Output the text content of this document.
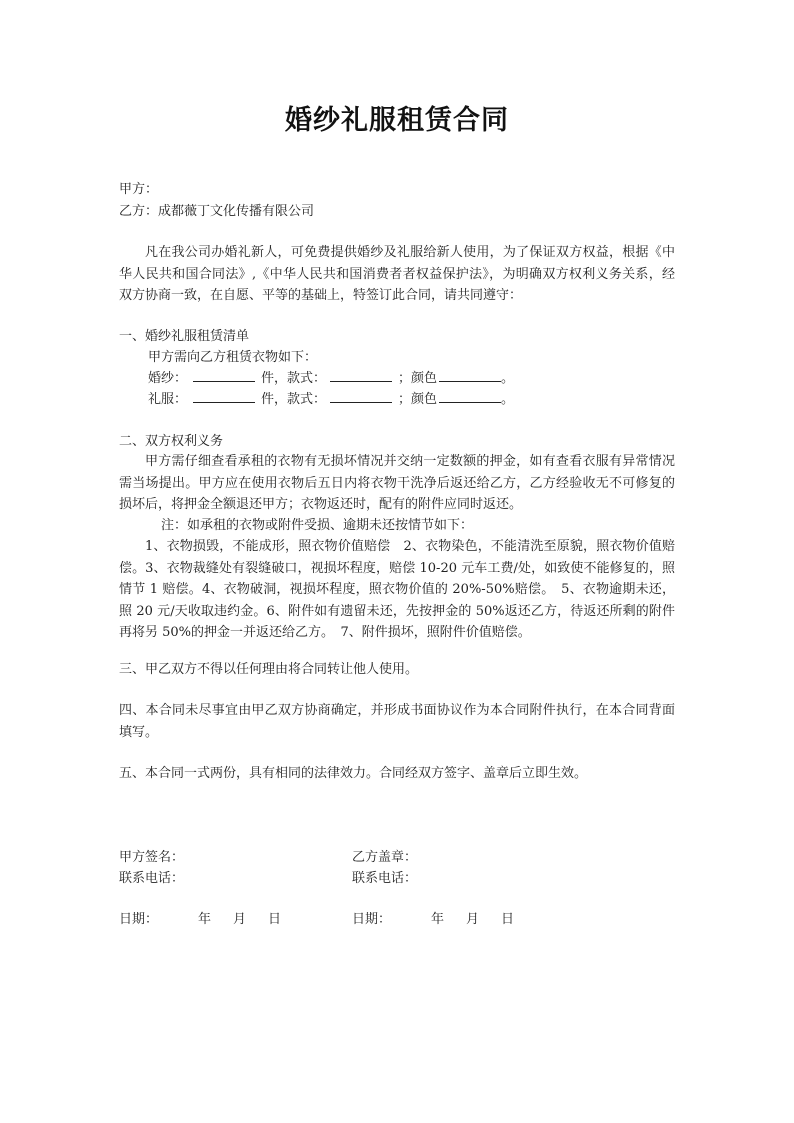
婚纱礼服租赁合同
甲方：
乙方：成都薇丁文化传播有限公司
凡在我公司办婚礼新人，可免费提供婚纱及礼服给新人使用，为了保证双方权益，根据《中华人民共和国合同法》,《中华人民共和国消费者者权益保护法》，为明确双方权利义务关系，经双方协商一致，在自愿、平等的基础上，特签订此合同，请共同遵守：
一、婚纱礼服租赁清单
甲方需向乙方租赁衣物如下：
婚纱：	件，款式：	；颜色	。
礼服：	件，款式：	；颜色	。
二、双方权利义务
甲方需仔细查看承租的衣物有无损坏情况并交纳一定数额的押金，如有查看衣服有异常情况需当场提出。甲方应在使用衣物后五日内将衣物干洗净后返还给乙方，乙方经验收无不可修复的损坏后，将押金全额退还甲方；衣物返还时，配有的附件应同时返还。
注：如承租的衣物或附件受损、逾期未还按情节如下：
1、衣物损毁，不能成形，照衣物价值赔偿　2、衣物染色，不能清洗至原貌，照衣物价值赔偿。3、衣物裁缝处有裂缝破口，视损坏程度，赔偿 10-20 元车工费/处，如致使不能修复的，照情节 1 赔偿。4、衣物破洞，视损坏程度，照衣物价值的 20%-50%赔偿。　5、衣物逾期未还，照 20 元/天收取违约金。6、附件如有遗留未还，先按押金的 50%返还乙方，待返还所剩的附件再将另 50%的押金一并返还给乙方。　7、附件损坏，照附件价值赔偿。
三、甲乙双方不得以任何理由将合同转让他人使用。
四、本合同未尽事宜由甲乙双方协商确定，并形成书面协议作为本合同附件执行，在本合同背面填写。
五、本合同一式两份，具有相同的法律效力。合同经双方签字、盖章后立即生效。
甲方签名：	乙方盖章：
联系电话：	联系电话：
日期：	年 月 日	日期：	年 月 日
